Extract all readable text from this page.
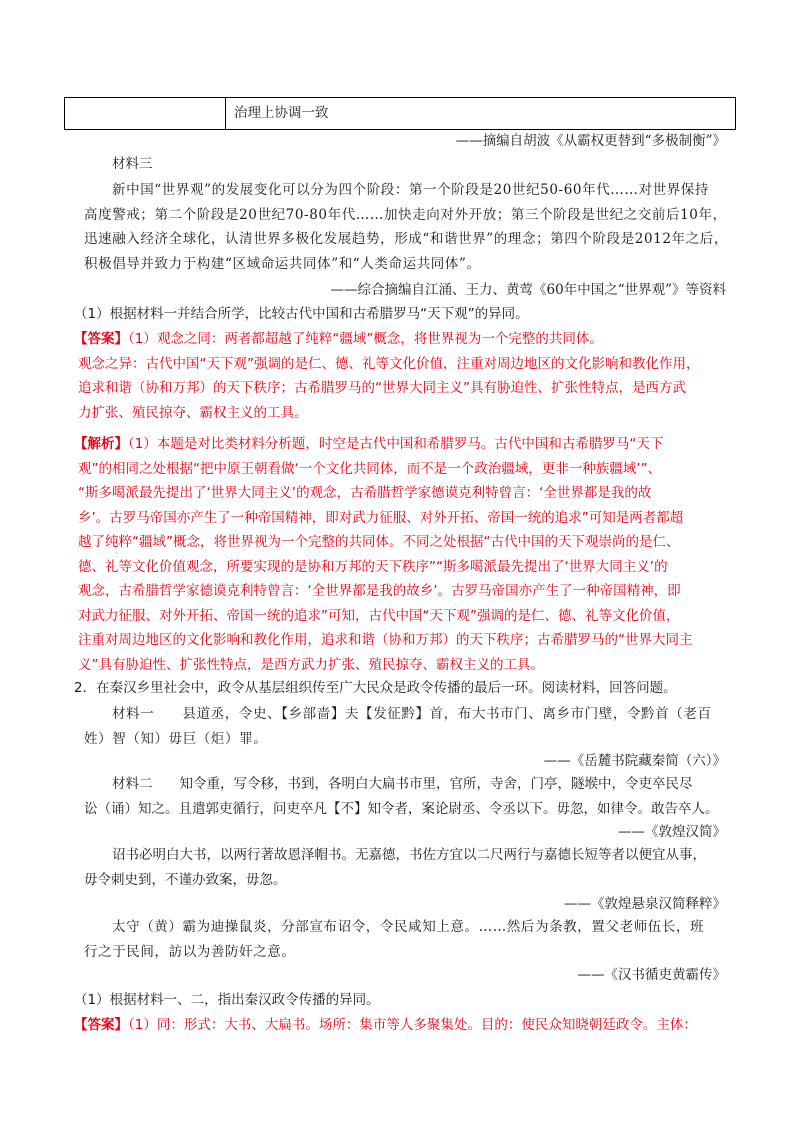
治理上协调一致
——摘编自胡波《从霸权更替到“多极制衡”》
材料三
新中国“世界观”的发展变化可以分为四个阶段：第一个阶段是20世纪50-60年代……对世界保持
高度警戒；第二个阶段是20世纪70-80年代……加快走向对外开放；第三个阶段是世纪之交前后10年，
迅速融入经济全球化，认清世界多极化发展趋势，形成“和谐世界”的理念；第四个阶段是2012年之后，
积极倡导并致力于构建“区域命运共同体”和“人类命运共同体”。
——综合摘编自江涌、王力、黄莺《60年中国之“世界观”》等资料
（1）根据材料一并结合所学，比较古代中国和古希腊罗马“天下观”的异同。
【答案】（1）观念之同：两者都超越了纯粹“疆域”概念，将世界视为一个完整的共同体。
观念之异：古代中国“天下观”强调的是仁、德、礼等文化价值，注重对周边地区的文化影响和教化作用，
追求和谐（协和万邦）的天下秩序；古希腊罗马的“世界大同主义”具有胁迫性、扩张性特点，是西方武
力扩张、殖民掠夺、霸权主义的工具。
【解析】（1）本题是对比类材料分析题，时空是古代中国和希腊罗马。古代中国和古希腊罗马“天下
观”的相同之处根据“把中原王朝看做‘一个文化共同体，而不是一个政治疆域，更非一种族疆域’”、
“斯多噶派最先提出了‘世界大同主义’的观念，古希腊哲学家德谟克利特曾言：‘全世界都是我的故
乡’。古罗马帝国亦产生了一种帝国精神，即对武力征服、对外开拓、帝国一统的追求”可知是两者都超
越了纯粹“疆域”概念，将世界视为一个完整的共同体。不同之处根据“古代中国的天下观崇尚的是仁、
德、礼等文化价值观念，所要实现的是协和万邦的天下秩序”“斯多噶派最先提出了‘世界大同主义’的
观念，古希腊哲学家德谟克利特曾言：‘全世界都是我的故乡’。古罗马帝国亦产生了一种帝国精神，即
对武力征服、对外开拓、帝国一统的追求”可知，古代中国“天下观”强调的是仁、德、礼等文化价值，
注重对周边地区的文化影响和教化作用，追求和谐（协和万邦）的天下秩序；古希腊罗马的“世界大同主
义”具有胁迫性、扩张性特点，是西方武力扩张、殖民掠夺、霸权主义的工具。
2．在秦汉乡里社会中，政令从基层组织传至广大民众是政令传播的最后一环。阅读材料，回答问题。
材料一　　县道丞，令史、【乡部啬】夫【发征黔】首，布大书市门、离乡市门壁，令黔首（老百
姓）智（知）毋巨（炬）罪。
——《岳麓书院藏秦简（六）》
材料二　　知令重，写令移，书到，各明白大扁书市里，官所，寺舍，门亭，隧堠中，令吏卒民尽
讼（诵）知之。且遣郭吏循行，问吏卒凡【不】知令者，案论尉丞、令丞以下。毋忽，如律令。敢告卒人。
——《敦煌汉简》
诏书必明白大书，以两行著故恩泽帽书。无嘉德，书佐方宜以二尺两行与嘉德长短等者以便宜从事，
毋令刺史到，不谨办致案，毋忽。
——《敦煌悬泉汉简释粹》
太守（黄）霸为迪操鼠炎，分部宣布诏令，令民咸知上意。……然后为条教，置父老师伍长，班
行之于民间，訪以为善防奸之意。
——《汉书循吏黄霸传》
（1）根据材料一、二，指出秦汉政令传播的异同。
【答案】（1）同：形式：大书、大扁书。场所：集市等人多聚集处。目的：使民众知晓朝廷政令。主体：
